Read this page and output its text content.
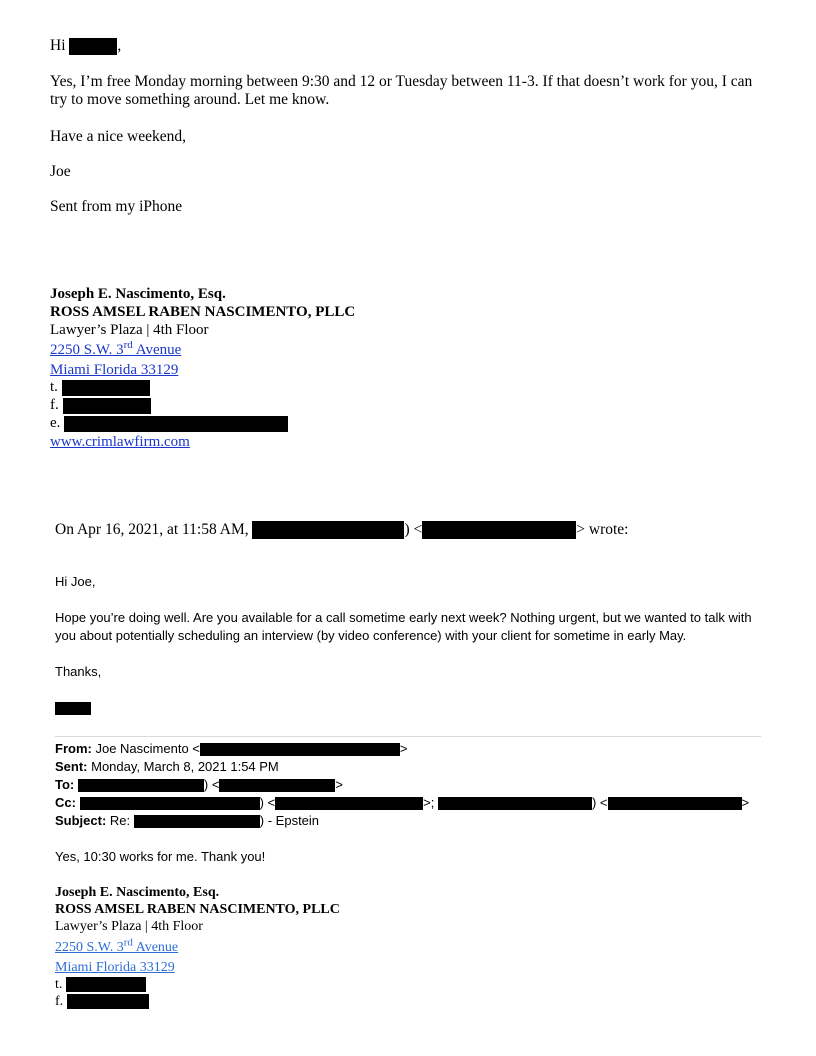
Hi	,
Yes, I’m free Monday morning between 9:30 and 12 or Tuesday between 11-3. If that doesn’t work for you, I can try to move something around. Let me know.
Have a nice weekend,
Joe
Sent from my iPhone
Joseph E. Nascimento, Esq.
ROSS AMSEL RABEN NASCIMENTO, PLLC
Lawyer’s Plaza | 4th Floor
2250 S.W. 3rd Avenue
Miami Florida 33129
t.
f.
e.
www.crimlawfirm.com
On Apr 16, 2021, at 11:58 AM,	) <	> wrote:
Hi Joe,
Hope you’re doing well. Are you available for a call sometime early next week? Nothing urgent, but we wanted to talk with you about potentially scheduling an interview (by video conference) with your client for sometime in early May.
Thanks,
From: Joe Nascimento <	>
Sent: Monday, March 8, 2021 1:54 PM
To:	) <	>
Cc:	) <	>;	) <	>
Subject: Re:	) - Epstein
Yes, 10:30 works for me. Thank you!
Joseph E. Nascimento, Esq.
ROSS AMSEL RABEN NASCIMENTO, PLLC
Lawyer’s Plaza | 4th Floor
2250 S.W. 3rd Avenue
Miami Florida 33129
t.
f.
